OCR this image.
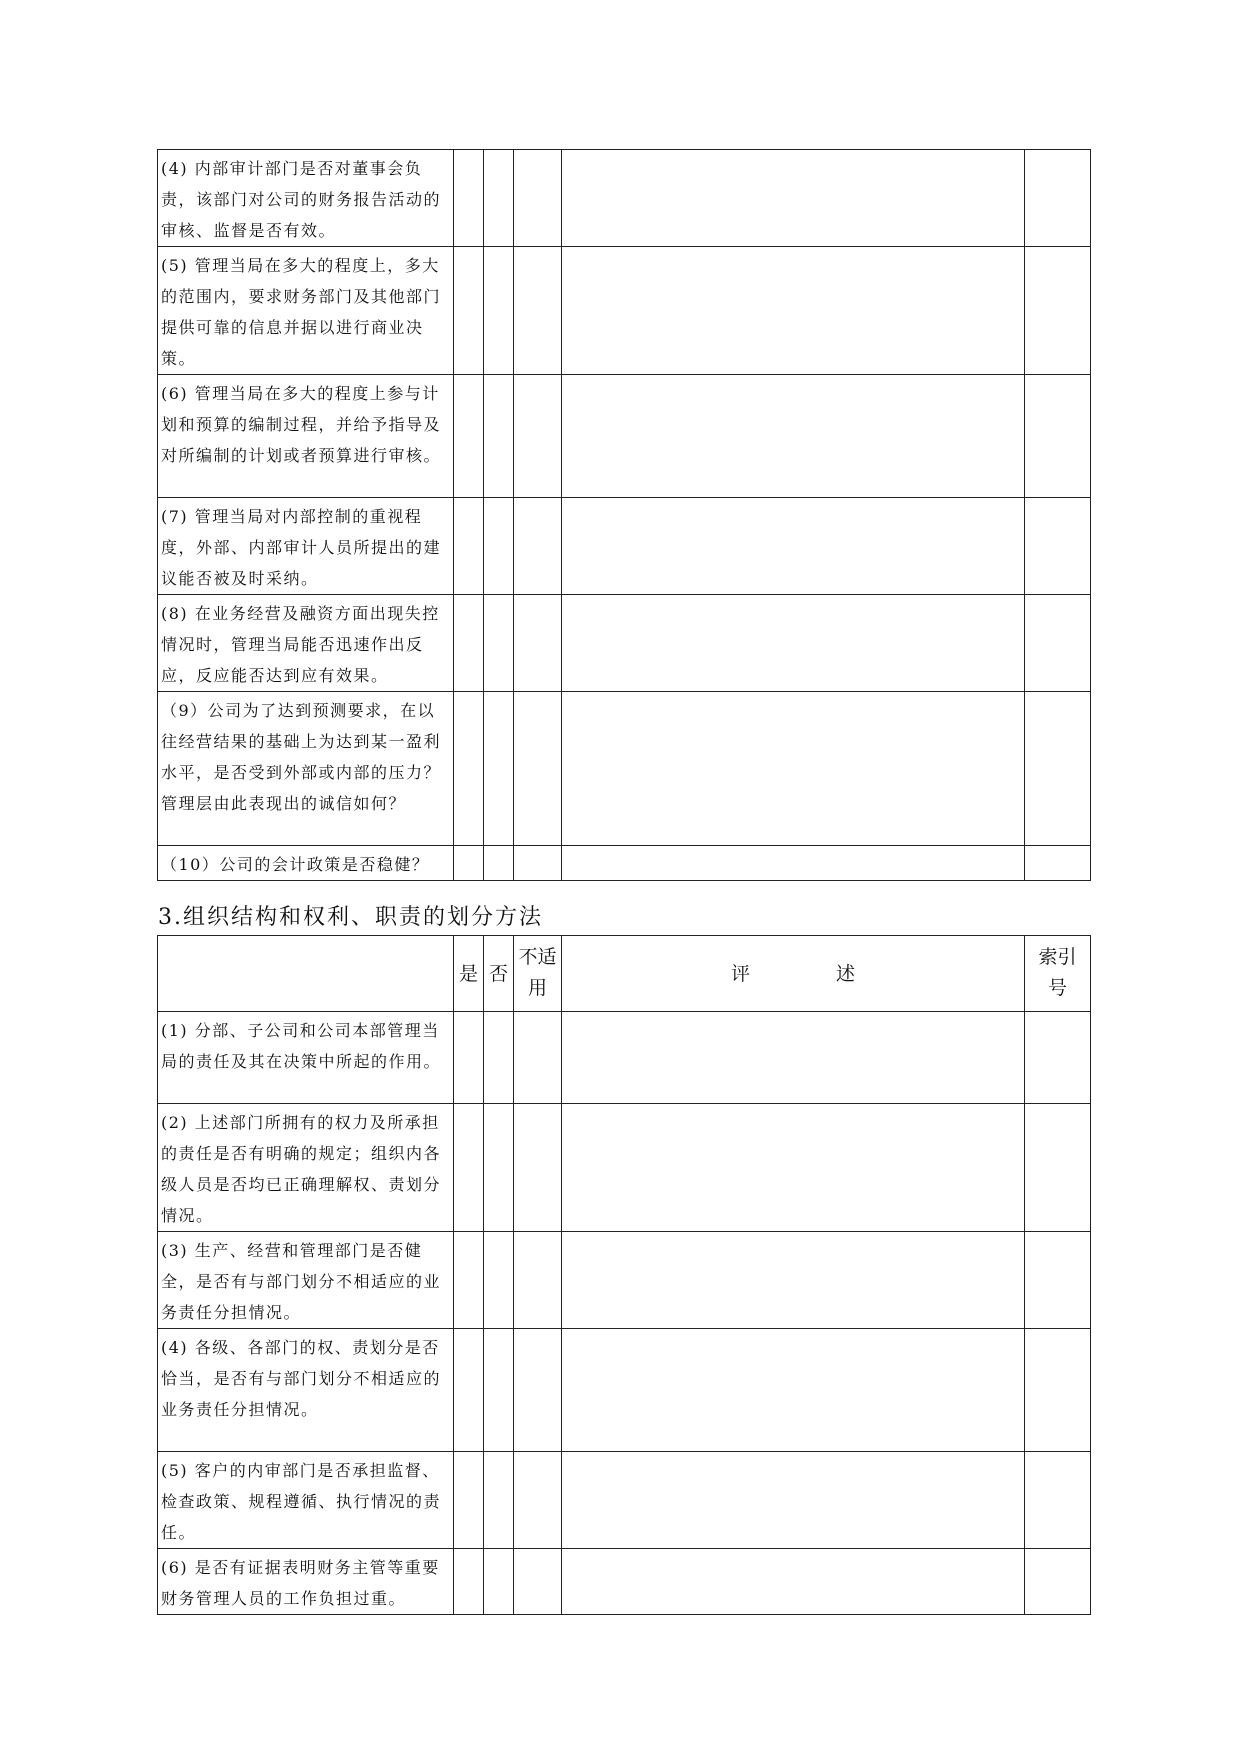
(4) 内部审计部门是否对董事会负责，该部门对公司的财务报告活动的审核、监督是否有效。					
(5) 管理当局在多大的程度上，多大的范围内，要求财务部门及其他部门提供可靠的信息并据以进行商业决策。					
(6) 管理当局在多大的程度上参与计划和预算的编制过程，并给予指导及对所编制的计划或者预算进行审核。					
(7) 管理当局对内部控制的重视程度，外部、内部审计人员所提出的建议能否被及时采纳。					
(8) 在业务经营及融资方面出现失控情况时，管理当局能否迅速作出反应，反应能否达到应有效果。					
（9）公司为了达到预测要求，在以往经营结果的基础上为达到某一盈利水平，是否受到外部或内部的压力？管理层由此表现出的诚信如何？					
（10）公司的会计政策是否稳健？					
3.组织结构和权利、职责的划分方法
	是	否	不适用	评 述	索引号
(1) 分部、子公司和公司本部管理当局的责任及其在决策中所起的作用。					
(2) 上述部门所拥有的权力及所承担的责任是否有明确的规定；组织内各级人员是否均已正确理解权、责划分情况。					
(3) 生产、经营和管理部门是否健全，是否有与部门划分不相适应的业务责任分担情况。					
(4) 各级、各部门的权、责划分是否恰当，是否有与部门划分不相适应的业务责任分担情况。					
(5) 客户的内审部门是否承担监督、检查政策、规程遵循、执行情况的责任。					
(6) 是否有证据表明财务主管等重要财务管理人员的工作负担过重。					
